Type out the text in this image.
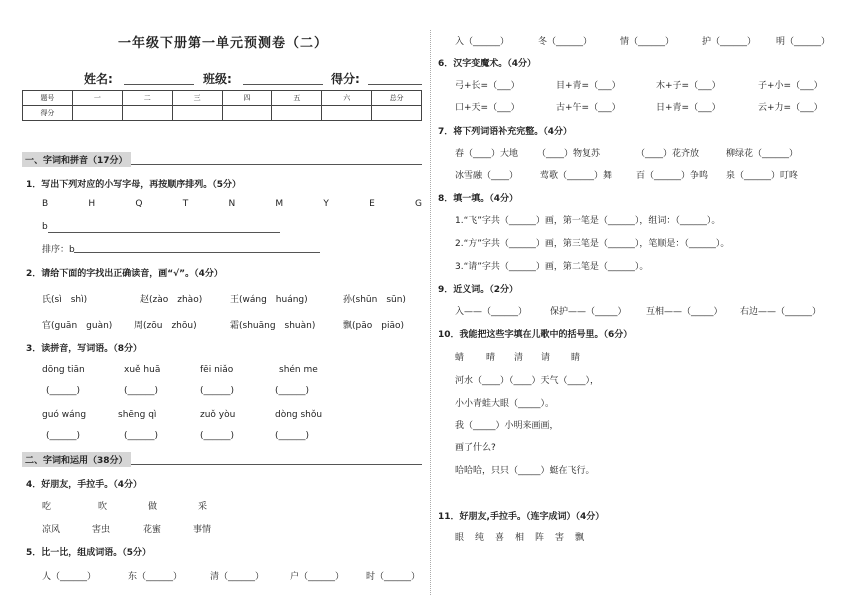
一年级下册第一单元预测卷（二）
姓名:	班级:	得分:
题号	一	二	三	四	五	六	总分
得分							
一、字词和拼音（17分）
1．写出下列对应的小写字母，再按顺序排列。（5分）
B	H	Q	T	N	M	Y	E	G
b
排序：b
2．请给下面的字找出正确读音，画“√”。（4分）
氏(sì　shì)	赵(zào　zhào)	王(wáng　huáng)	孙(shūn　sūn)
官(guān　guàn) 周(zōu　zhōu)	霜(shuāng　shuàn)	飘(pāo　piāo)
3．读拼音，写词语。（8分）
dōng tiān	xuě huā	fēi niǎo	shén me
(______)	(______)	(______)	(______)
guó wáng	shēng qì	zuǒ yòu	dòng shǒu
(______)	(______)	(______)	(______)
二、字词和运用（38分）
4．好朋友，手拉手。（4分）
吃	吹	做	采
凉风	害虫	花蜜	事情
5．比一比，组成词语。（5分）
人（______）	东（______）	清（______）	户（______） 时（______）
入（______）	冬（______）	情（______）	护（______） 明（______）
6．汉字变魔术。（4分）
弓+长=（___）	目+青=（___）	木+子=（___）	子+小=（___）
口+天=（___）	古+午=（___）	日+青=（___）	云+力=（___）
7．将下列词语补充完整。（4分）
春（____）大地 （____）物复苏	（____）花齐放	柳绿花（______）
冰雪融（____） 莺歌（______）舞	百（______）争鸣 泉（______）叮咚
8．填一填。（4分）
1.“飞”字共（______）画，第一笔是（______），组词：（______）。
2.“方”字共（______）画，第三笔是（______），笔顺是：（______）。
3.“请”字共（______）画，第二笔是（______）。
9．近义词。（2分）
入——（______）	保护——（_____） 互相——（_____） 右边——（______）
10．我能把这些字填在儿歌中的括号里。（6分）
蜻 晴 清 请 睛
河水（____）（____）天气（____），
小小青蛙大眼（_____）。
我（_____）小明来画画，
画了什么?
哈哈哈，只只（_____）蜓在飞行。
11．好朋友,手拉手。（连字成词）（4分）
眼 纯 喜 相 阵 害 飘
